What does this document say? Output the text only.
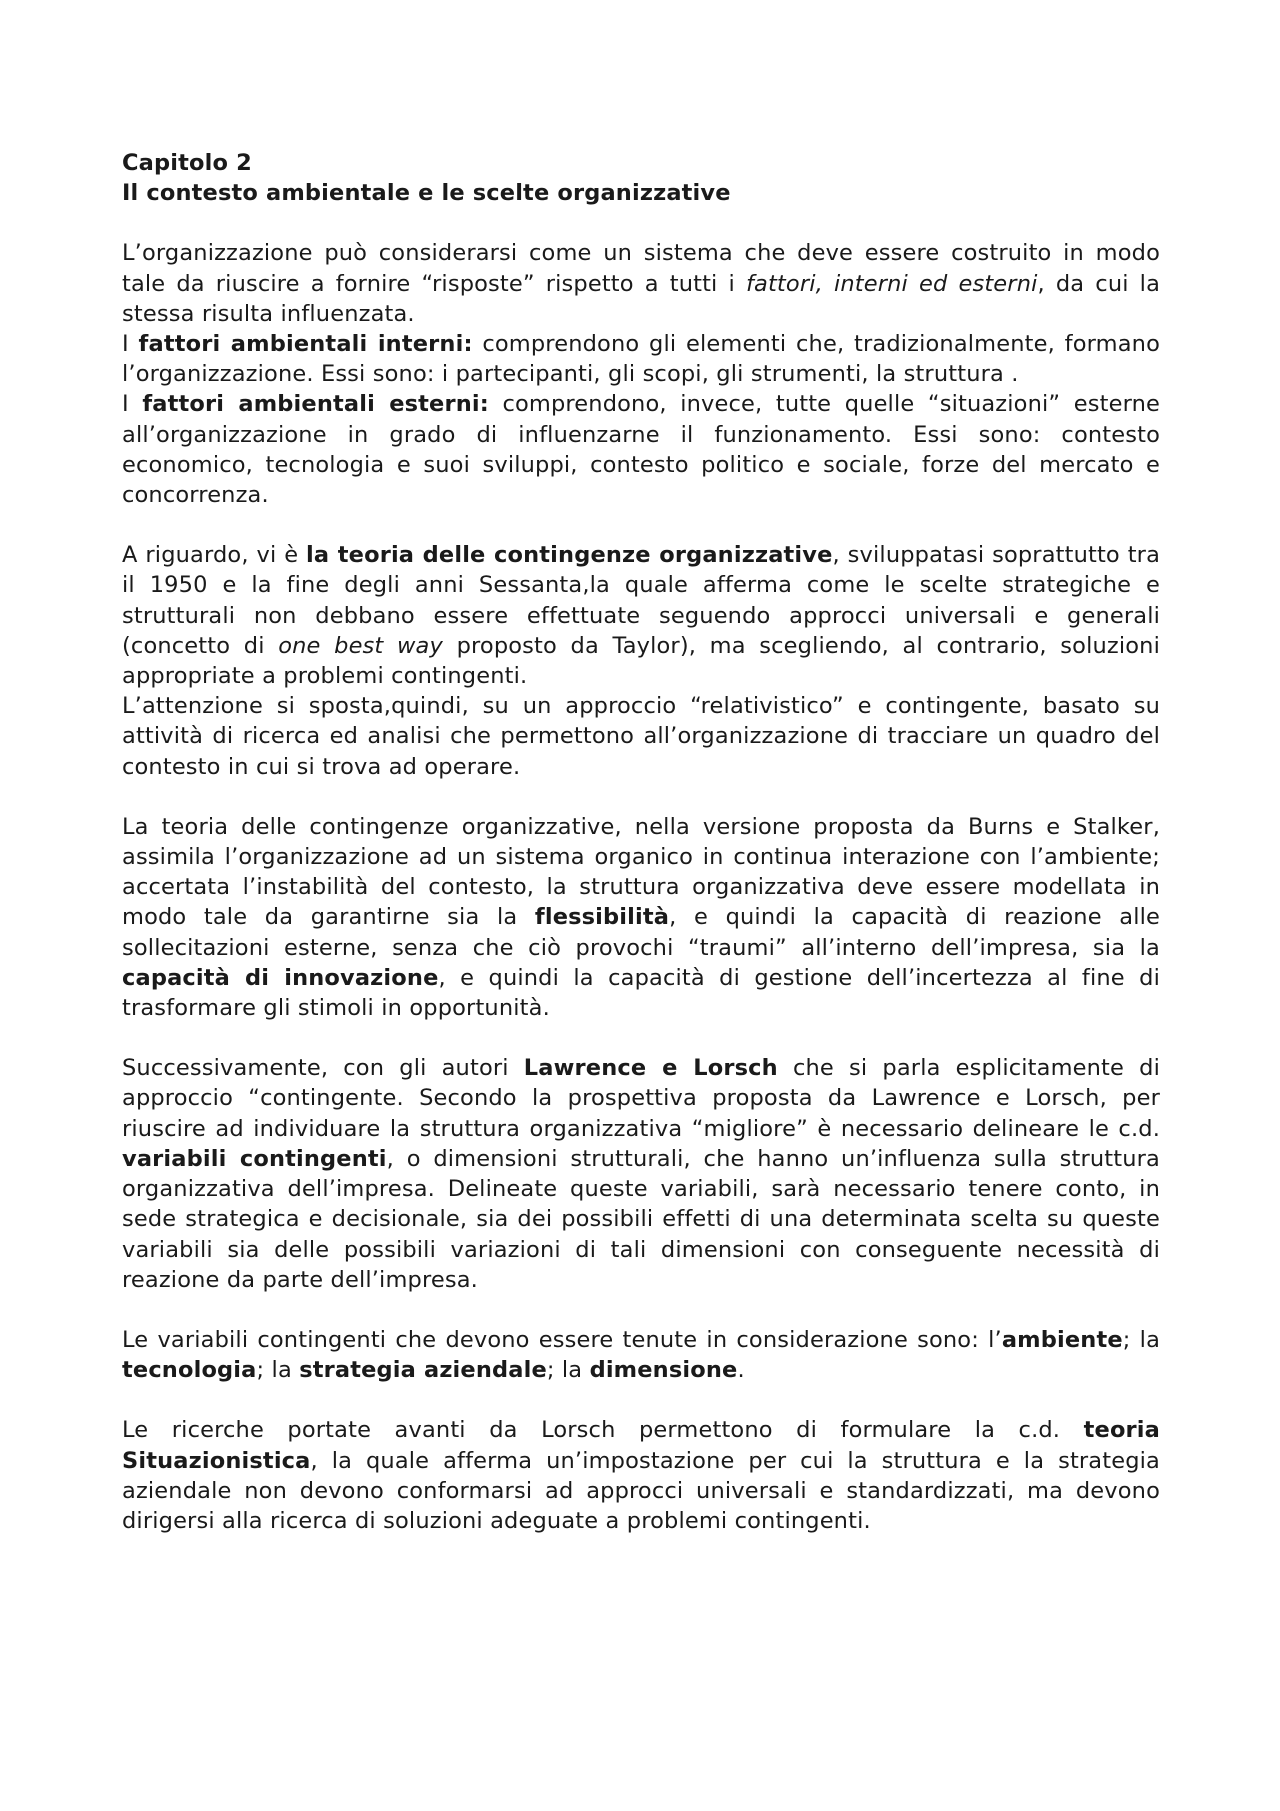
Capitolo 2
Il contesto ambientale e le scelte organizzative

L’organizzazione può considerarsi come un sistema che deve essere costruito in modo tale da riuscire a fornire “risposte” rispetto a tutti i fattori, interni ed esterni, da cui la stessa risulta influenzata.

I fattori ambientali interni: comprendono gli elementi che, tradizionalmente, formano l’organizzazione. Essi sono: i partecipanti, gli scopi, gli strumenti, la struttura .

I fattori ambientali esterni: comprendono, invece, tutte quelle “situazioni” esterne all’organizzazione in grado di influenzarne il funzionamento. Essi sono: contesto economico, tecnologia e suoi sviluppi, contesto politico e sociale, forze del mercato e concorrenza.

A riguardo, vi è la teoria delle contingenze organizzative, sviluppatasi soprattutto tra il 1950 e la fine degli anni Sessanta,la quale afferma come le scelte strategiche e strutturali non debbano essere effettuate seguendo approcci universali e generali (concetto di one best way proposto da Taylor), ma scegliendo, al contrario, soluzioni appropriate a problemi contingenti.

L’attenzione si sposta,quindi, su un approccio “relativistico” e contingente, basato su attività di ricerca ed analisi che permettono all’organizzazione di tracciare un quadro del contesto in cui si trova ad operare.

La teoria delle contingenze organizzative, nella versione proposta da Burns e Stalker, assimila l’organizzazione ad un sistema organico in continua interazione con l’ambiente; accertata l’instabilità del contesto, la struttura organizzativa deve essere modellata in modo tale da garantirne sia la flessibilità, e quindi la capacità di reazione alle sollecitazioni esterne, senza che ciò provochi “traumi” all’interno dell’impresa, sia la capacità di innovazione, e quindi la capacità di gestione dell’incertezza al fine di trasformare gli stimoli in opportunità.

Successivamente, con gli autori Lawrence e Lorsch che si parla esplicitamente di approccio “contingente. Secondo la prospettiva proposta da Lawrence e Lorsch, per riuscire ad individuare la struttura organizzativa “migliore” è necessario delineare le c.d. variabili contingenti, o dimensioni strutturali, che hanno un’influenza sulla struttura organizzativa dell’impresa. Delineate queste variabili, sarà necessario tenere conto, in sede strategica e decisionale, sia dei possibili effetti di una determinata scelta su queste variabili sia delle possibili variazioni di tali dimensioni con conseguente necessità di reazione da parte dell’impresa.

Le variabili contingenti che devono essere tenute in considerazione sono: l’ambiente; la tecnologia; la strategia aziendale; la dimensione.

Le ricerche portate avanti da Lorsch permettono di formulare la c.d. teoria Situazionistica, la quale afferma un’impostazione per cui la struttura e la strategia aziendale non devono conformarsi ad approcci universali e standardizzati, ma devono dirigersi alla ricerca di soluzioni adeguate a problemi contingenti.
